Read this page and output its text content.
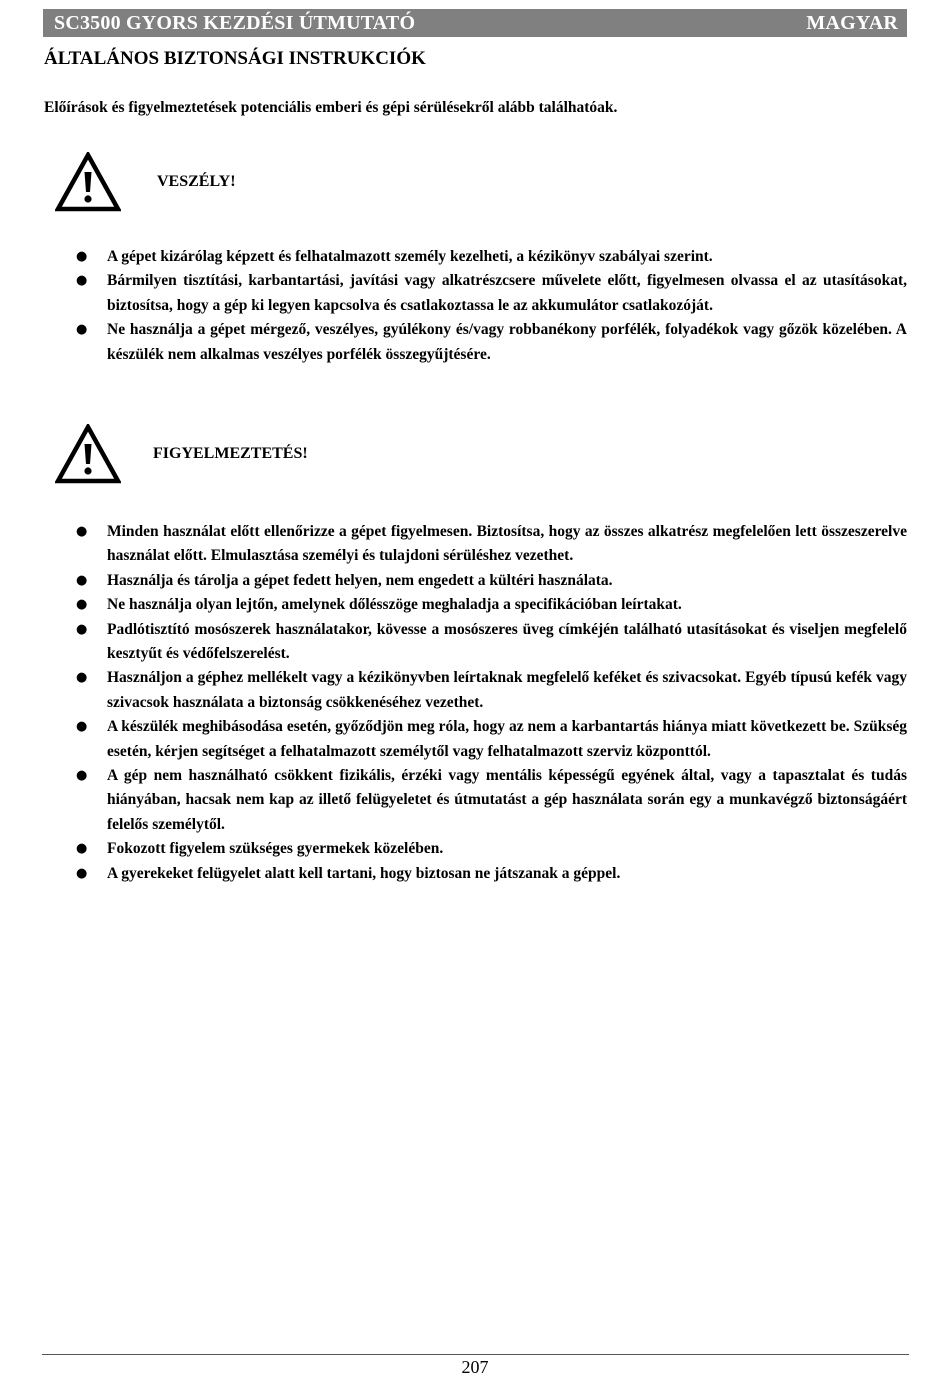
SC3500 GYORS KEZDÉSI ÚTMUTATÓ	MAGYAR
ÁLTALÁNOS BIZTONSÁGI INSTRUKCIÓK

Előírások és figyelmeztetések potenciális emberi és gépi sérülésekről alább találhatóak.

VESZÉLY!
● A gépet kizárólag képzett és felhatalmazott személy kezelheti, a kézikönyv szabályai szerint.
● Bármilyen tisztítási, karbantartási, javítási vagy alkatrészcsere művelete előtt, figyelmesen olvassa el az utasításokat, biztosítsa, hogy a gép ki legyen kapcsolva és csatlakoztassa le az akkumulátor csatlakozóját.
● Ne használja a gépet mérgező, veszélyes, gyúlékony és/vagy robbanékony porfélék, folyadékok vagy gőzök közelében. A készülék nem alkalmas veszélyes porfélék összegyűjtésére.
FIGYELMEZTETÉS!
● Minden használat előtt ellenőrizze a gépet figyelmesen. Biztosítsa, hogy az összes alkatrész megfelelően lett összeszerelve használat előtt. Elmulasztása személyi és tulajdoni sérüléshez vezethet.
● Használja és tárolja a gépet fedett helyen, nem engedett a kültéri használata.
● Ne használja olyan lejtőn, amelynek dőlésszöge meghaladja a specifikációban leírtakat.
● Padlótisztító mosószerek használatakor, kövesse a mosószeres üveg címkéjén található utasításokat és viseljen megfelelő kesztyűt és védőfelszerelést.
● Használjon a géphez mellékelt vagy a kézikönyvben leírtaknak megfelelő keféket és szivacsokat. Egyéb típusú kefék vagy szivacsok használata a biztonság csökkenéséhez vezethet.
● A készülék meghibásodása esetén, győződjön meg róla, hogy az nem a karbantartás hiánya miatt következett be. Szükség esetén, kérjen segítséget a felhatalmazott személytől vagy felhatalmazott szerviz központtól.
● A gép nem használható csökkent fizikális, érzéki vagy mentális képességű egyének által, vagy a tapasztalat és tudás hiányában, hacsak nem kap az illető felügyeletet és útmutatást a gép használata során egy a munkavégző biztonságáért felelős személytől.
● Fokozott figyelem szükséges gyermekek közelében.
● A gyerekeket felügyelet alatt kell tartani, hogy biztosan ne játszanak a géppel.
207
